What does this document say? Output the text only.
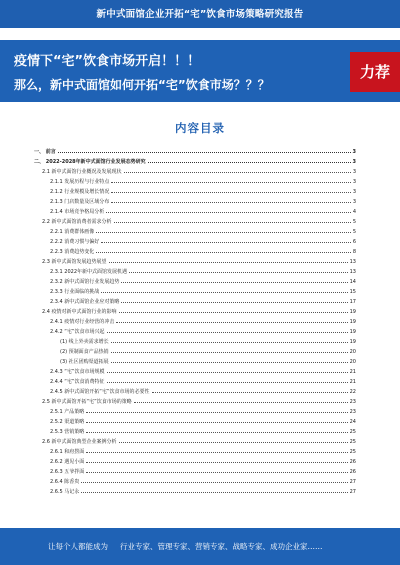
新中式面馆企业开拓“宅”饮食市场策略研究报告
疫情下“宅”饮食市场开启！！！
那么，新中式面馆如何开拓“宅”饮食市场？？？
力荐
内容目录
一、 前言	3
二、 2022-2028年新中式面馆行业发展态势研究	3
2.1 新中式面馆行业概况及发展现状	3
2.1.1 发展历程与行业特点	3
2.1.2 行业规模及增长情况	3
2.1.3 门店数量及区域分布	3
2.1.4 市场竞争格局分析	4
2.2 新中式面馆消费者需求分析	5
2.2.1 消费群体画像	5
2.2.2 消费习惯与偏好	6
2.2.3 消费趋势变化	8
2.3 新中式面馆发展趋势展望	13
2.3.1 2022年新中式面馆发展机遇	13
2.3.2 新中式面馆行业发展趋势	14
2.3.3 行业面临的挑战	15
2.3.4 新中式面馆企业应对策略	17
2.4 疫情对新中式面馆行业的影响	19
2.4.1 疫情对行业经营的冲击	19
2.4.2 “宅”饮食市场兴起	19
(1) 线上外卖需求增长	19
(2) 预制面食产品热销	20
(3) 社区团购渠道拓展	20
2.4.3 “宅”饮食市场规模	21
2.4.4 “宅”饮食消费特征	21
2.4.5 新中式面馆开拓“宅”饮食市场的必要性	22
2.5 新中式面馆开拓“宅”饮食市场的策略	23
2.5.1 产品策略	23
2.5.2 渠道策略	24
2.5.3 营销策略	25
2.6 新中式面馆典型企业案例分析	25
2.6.1 和府捞面	25
2.6.2 遇见小面	26
2.6.3 五爷拌面	26
2.6.4 陈香贵	27
2.6.5 马记永	27
让每个人都能成为 行业专家、管理专家、营销专家、战略专家、成功企业家……
